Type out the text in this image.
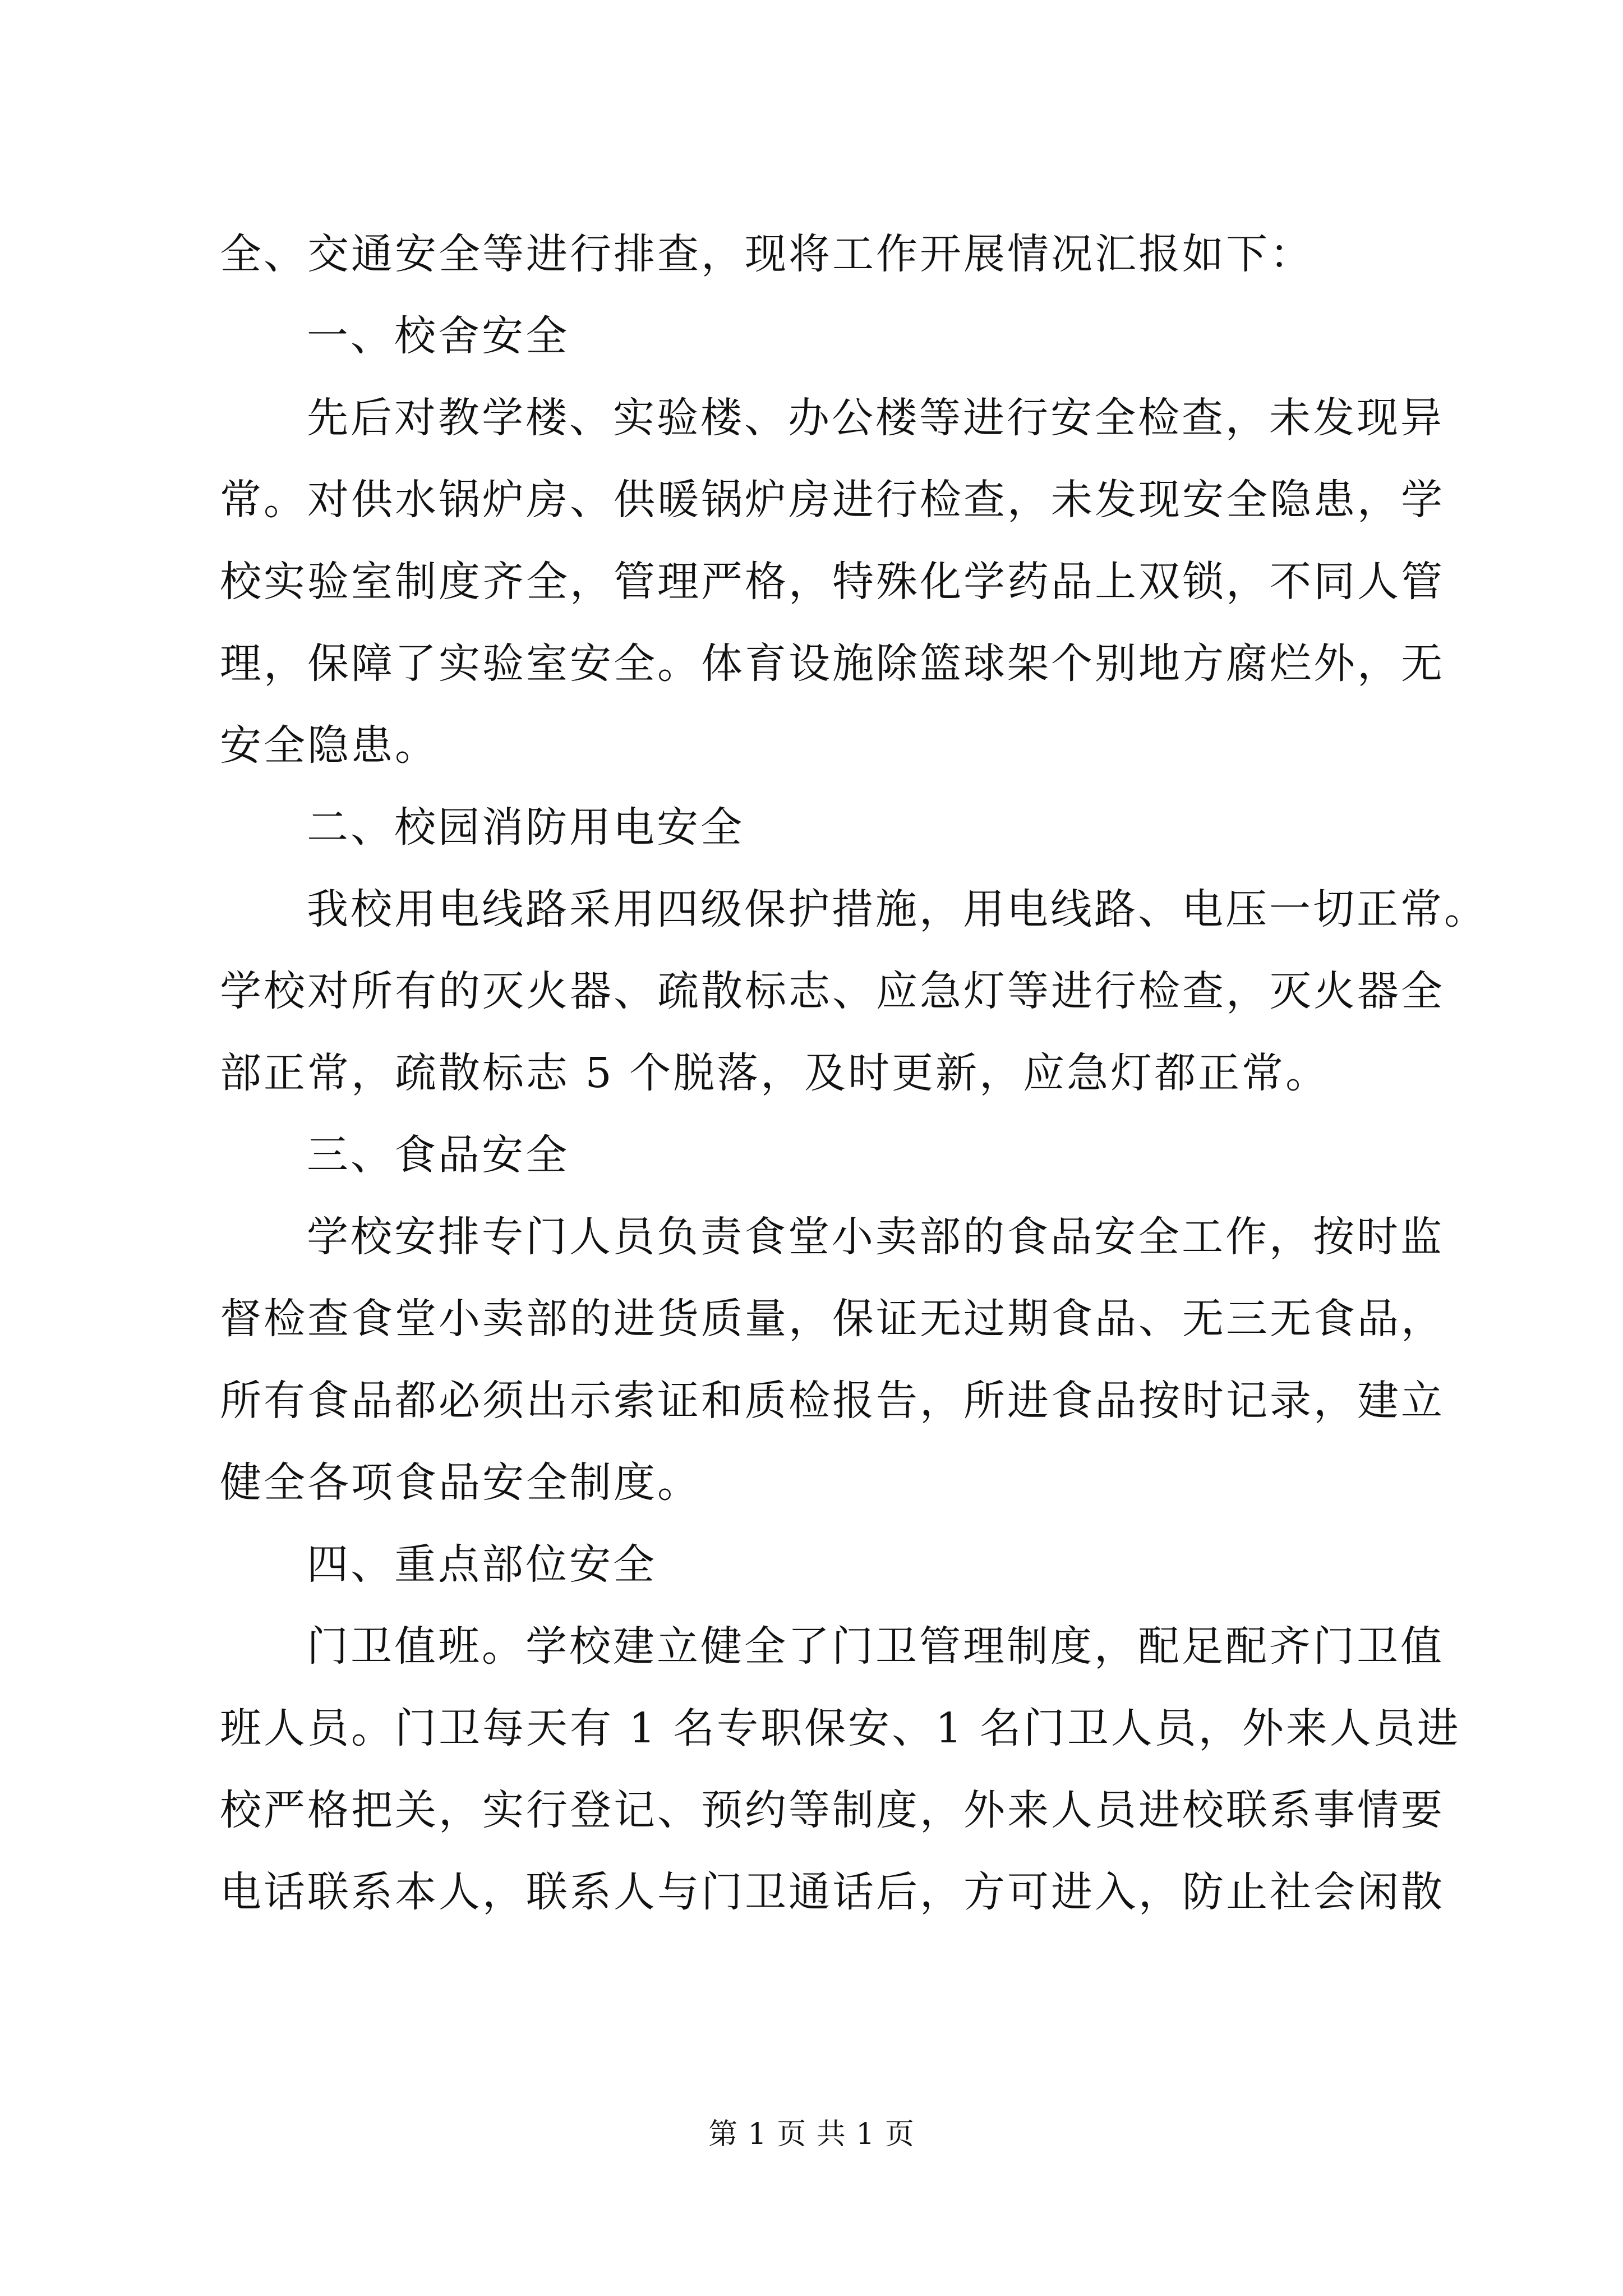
全、交通安全等进行排查，现将工作开展情况汇报如下：
一、校舍安全
先后对教学楼、实验楼、办公楼等进行安全检查，未发现异
常。对供水锅炉房、供暖锅炉房进行检查，未发现安全隐患，学
校实验室制度齐全，管理严格，特殊化学药品上双锁，不同人管
理，保障了实验室安全。体育设施除篮球架个别地方腐烂外，无
安全隐患。
二、校园消防用电安全
我校用电线路采用四级保护措施，用电线路、电压一切正常。
学校对所有的灭火器、疏散标志、应急灯等进行检查，灭火器全
部正常，疏散标志 5 个脱落，及时更新，应急灯都正常。
三、食品安全
学校安排专门人员负责食堂小卖部的食品安全工作，按时监
督检查食堂小卖部的进货质量，保证无过期食品、无三无食品，
所有食品都必须出示索证和质检报告，所进食品按时记录，建立
健全各项食品安全制度。
四、重点部位安全
门卫值班。学校建立健全了门卫管理制度，配足配齐门卫值
班人员。门卫每天有 1 名专职保安、1 名门卫人员，外来人员进
校严格把关，实行登记、预约等制度，外来人员进校联系事情要
电话联系本人，联系人与门卫通话后，方可进入，防止社会闲散
第 1 页 共 1 页
